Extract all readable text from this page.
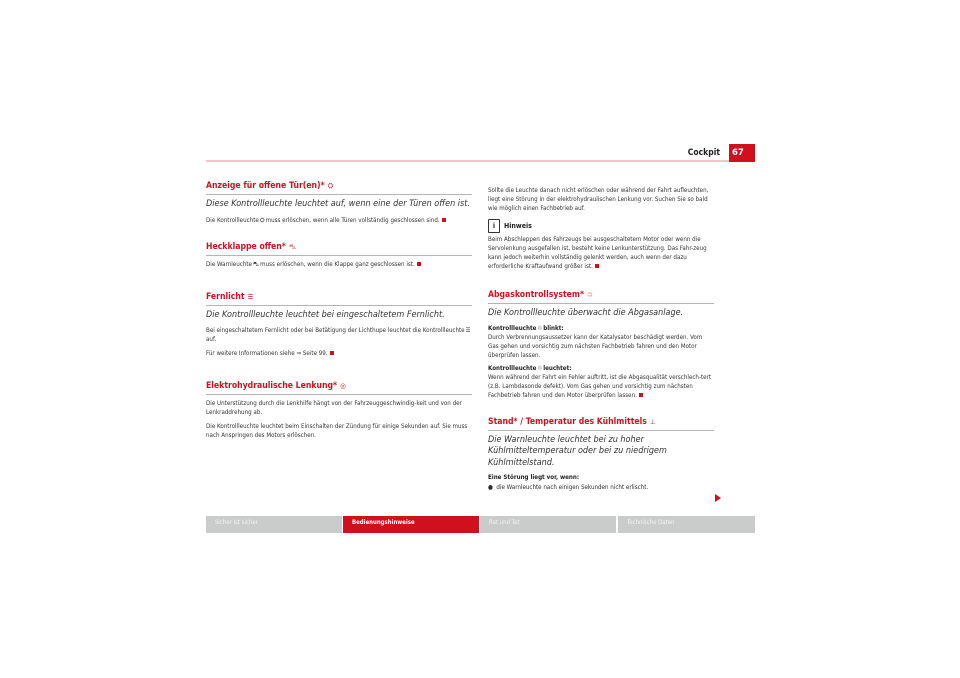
Cockpit	67
Anzeige für offene Tür(en)* ⛭
Diese Kontrollleuchte leuchtet auf, wenn eine der Türen offen ist.
Die Kontrollleuchte⛭muss erlöschen, wenn alle Türen vollständig geschlossen sind.
Heckklappe offen* ⛍
Die Warnleuchte⛍muss erlöschen, wenn die Klappe ganz geschlossen ist.
Fernlicht ☰
Die Kontrollleuchte leuchtet bei eingeschaltetem Fernlicht.
Bei eingeschaltetem Fernlicht oder bei Betätigung der Lichthupe leuchtet die Kontrollleuchte☰auf.
Für weitere Informationen siehe ⇒ Seite 99.
Elektrohydraulische Lenkung* ◎
Die Unterstützung durch die Lenkhilfe hängt von der Fahrzeuggeschwindig-keit und von der Lenkraddrehung ab.
Die Kontrollleuchte leuchtet beim Einschalten der Zündung für einige Sekunden auf. Sie muss nach Anspringen des Motors erlöschen.
Sollte die Leuchte danach nicht erlöschen oder während der Fahrt aufleuchten, liegt eine Störung in der elektrohydraulischen Lenkung vor. Suchen Sie so bald wie möglich einen Fachbetrieb auf.
i	Hinweis
Beim Abschleppen des Fahrzeugs bei ausgeschaltetem Motor oder wenn die Servolenkung ausgefallen ist, besteht keine Lenkunterstützung. Das Fahr-zeug kann jedoch weiterhin vollständig gelenkt werden, auch wenn der dazu erforderliche Kraftaufwand größer ist.
Abgaskontrollsystem* ♲
Die Kontrollleuchte überwacht die Abgasanlage.
Kontrollleuchte♲blinkt:
Durch Verbrennungsaussetzer kann der Katalysator beschädigt werden. Vom Gas gehen und vorsichtig zum nächsten Fachbetrieb fahren und den Motor überprüfen lassen.
Kontrollleuchte♲leuchtet:
Wenn während der Fahrt ein Fehler auftritt, ist die Abgasqualität verschlech-tert (z.B. Lambdasonde defekt). Vom Gas gehen und vorsichtig zum nächsten Fachbetrieb fahren und den Motor überprüfen lassen.
Stand* / Temperatur des Kühlmittels ⊥
Die Warnleuchte leuchtet bei zu hoher Kühlmitteltemperatur oder bei zu niedrigem Kühlmittelstand.
Eine Störung liegt vor, wenn:
●  die Warnleuchte nach einigen Sekunden nicht erlischt.
Sicher ist sicher	Bedienungshinweise	Rat und Tat	Technische Daten
